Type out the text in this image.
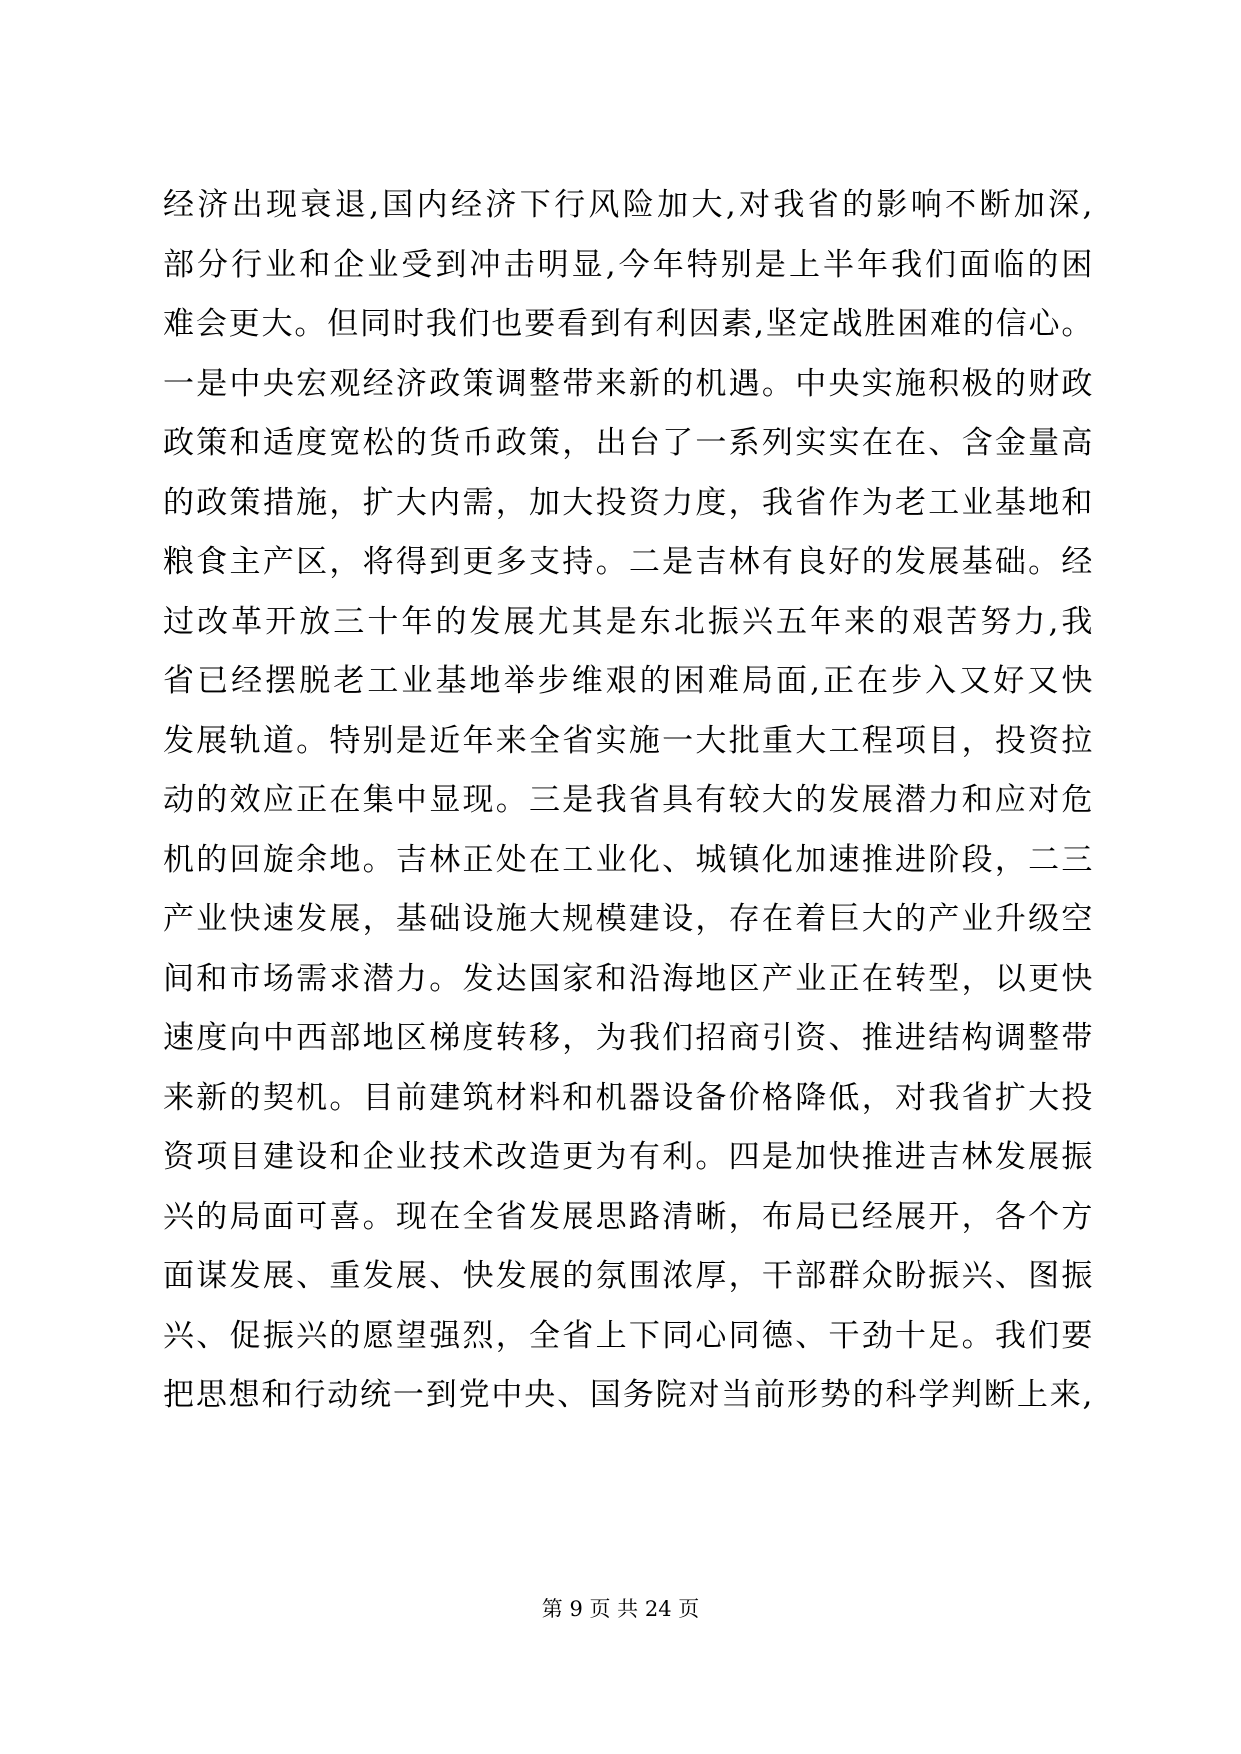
经济出现衰退,国内经济下行风险加大,对我省的影响不断加深,
部分行业和企业受到冲击明显,今年特别是上半年我们面临的困
难会更大。但同时我们也要看到有利因素,坚定战胜困难的信心。
一是中央宏观经济政策调整带来新的机遇。中央实施积极的财政
政策和适度宽松的货币政策，出台了一系列实实在在、含金量高
的政策措施，扩大内需，加大投资力度，我省作为老工业基地和
粮食主产区，将得到更多支持。二是吉林有良好的发展基础。经
过改革开放三十年的发展尤其是东北振兴五年来的艰苦努力,我
省已经摆脱老工业基地举步维艰的困难局面,正在步入又好又快
发展轨道。特别是近年来全省实施一大批重大工程项目，投资拉
动的效应正在集中显现。三是我省具有较大的发展潜力和应对危
机的回旋余地。吉林正处在工业化、城镇化加速推进阶段，二三
产业快速发展，基础设施大规模建设，存在着巨大的产业升级空
间和市场需求潜力。发达国家和沿海地区产业正在转型，以更快
速度向中西部地区梯度转移，为我们招商引资、推进结构调整带
来新的契机。目前建筑材料和机器设备价格降低，对我省扩大投
资项目建设和企业技术改造更为有利。四是加快推进吉林发展振
兴的局面可喜。现在全省发展思路清晰，布局已经展开，各个方
面谋发展、重发展、快发展的氛围浓厚，干部群众盼振兴、图振
兴、促振兴的愿望强烈，全省上下同心同德、干劲十足。我们要
把思想和行动统一到党中央、国务院对当前形势的科学判断上来,
第 9 页 共 24 页
